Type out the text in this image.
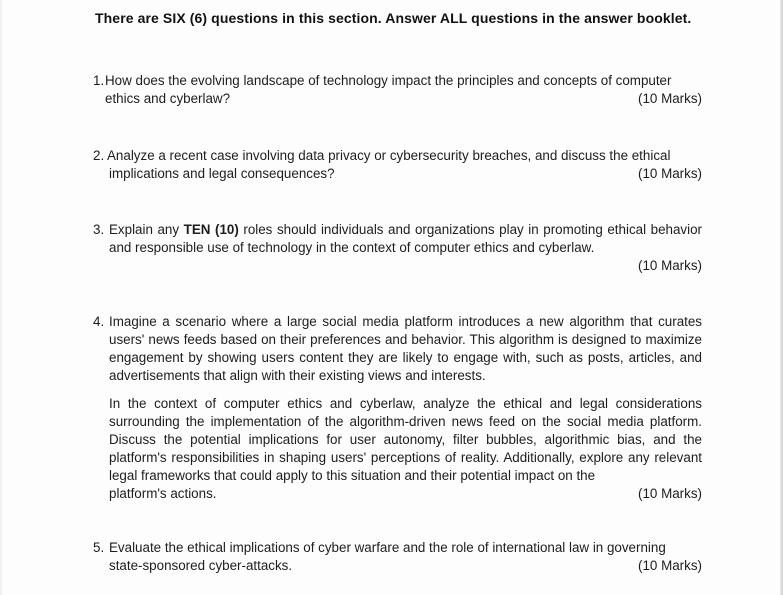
There are SIX (6) questions in this section. Answer ALL questions in the answer booklet.
1. How does the evolving landscape of technology impact the principles and concepts of computer
ethics and cyberlaw?	(10 Marks)
2. Analyze a recent case involving data privacy or cybersecurity breaches, and discuss the ethical
implications and legal consequences?	(10 Marks)
3. Explain any TEN (10) roles should individuals and organizations play in promoting ethical behavior and responsible use of technology in the context of computer ethics and cyberlaw.
(10 Marks)
4. Imagine a scenario where a large social media platform introduces a new algorithm that curates users' news feeds based on their preferences and behavior. This algorithm is designed to maximize engagement by showing users content they are likely to engage with, such as posts, articles, and advertisements that align with their existing views and interests.
In the context of computer ethics and cyberlaw, analyze the ethical and legal considerations surrounding the implementation of the algorithm-driven news feed on the social media platform. Discuss the potential implications for user autonomy, filter bubbles, algorithmic bias, and the platform's responsibilities in shaping users' perceptions of reality. Additionally, explore any relevant legal frameworks that could apply to this situation and their potential impact on the
platform's actions.	(10 Marks)
5. Evaluate the ethical implications of cyber warfare and the role of international law in governing
state-sponsored cyber-attacks.	(10 Marks)
